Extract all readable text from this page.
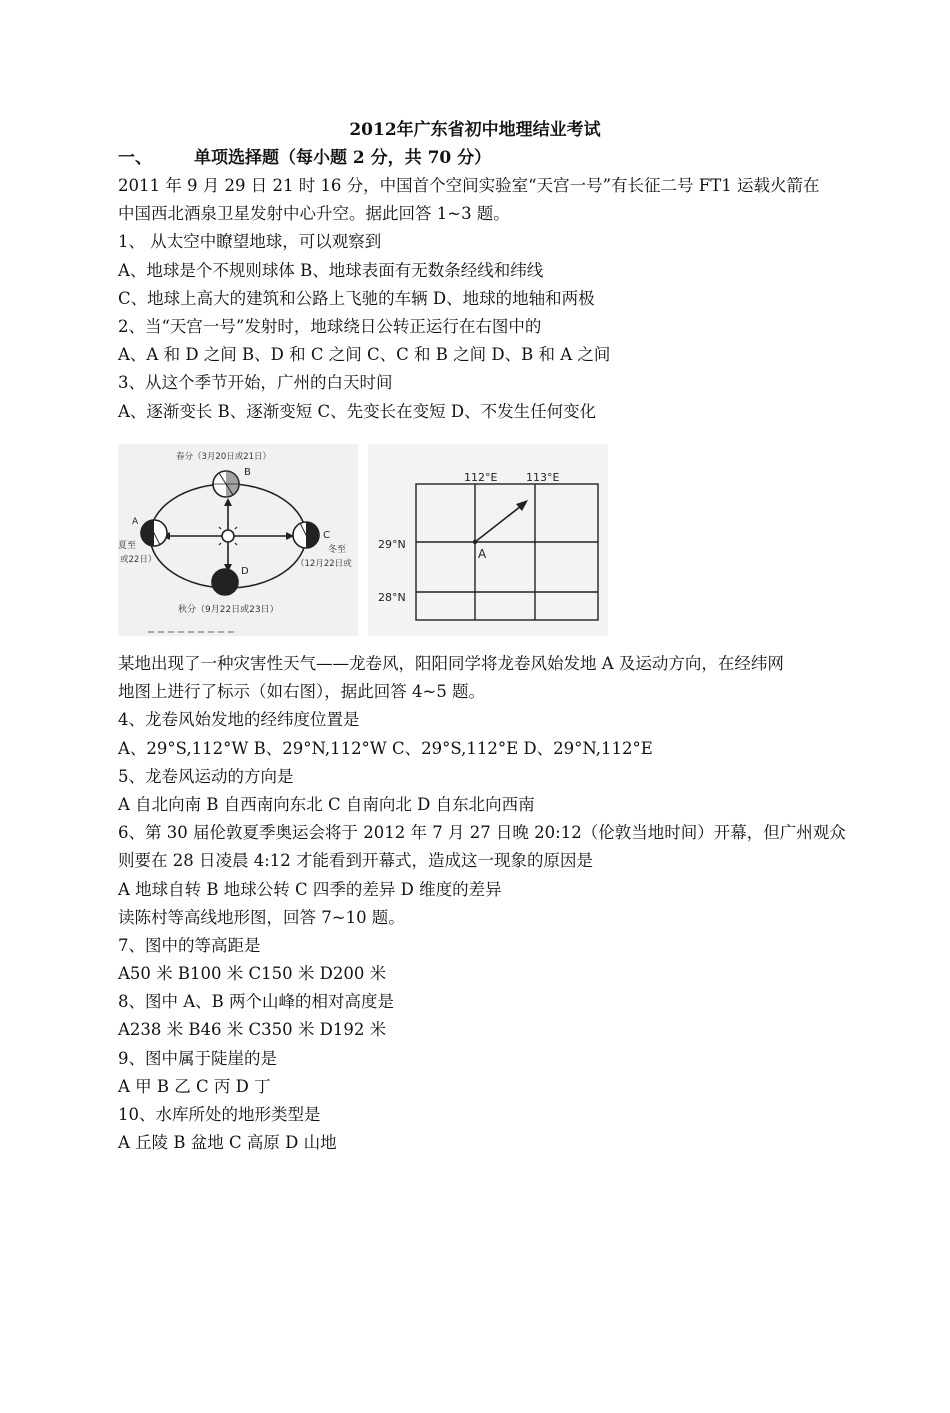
2012年广东省初中地理结业考试
一、 单项选择题（每小题 2 分，共 70 分）
2011 年 9 月 29 日 21 时 16 分，中国首个空间实验室“天宫一号”有长征二号 FT1 运载火箭在
中国西北酒泉卫星发射中心升空。据此回答 1~3 题。
1、 从太空中瞭望地球，可以观察到
A、地球是个不规则球体 B、地球表面有无数条经线和纬线
C、地球上高大的建筑和公路上飞驰的车辆 D、地球的地轴和两极
2、当“天宫一号”发射时，地球绕日公转正运行在右图中的
A、A 和 D 之间 B、D 和 C 之间 C、C 和 B 之间 D、B 和 A 之间
3、从这个季节开始，广州的白天时间
A、逐渐变长 B、逐渐变短 C、先变长在变短 D、不发生任何变化
春分（3月20日或21日）
B
A
夏至
或22日）
C
冬至
（12月22日或
D
秋分（9月22日或23日）
A
112°E	113°E
29°N
28°N
某地出现了一种灾害性天气——龙卷风，阳阳同学将龙卷风始发地 A 及运动方向，在经纬网
地图上进行了标示（如右图），据此回答 4~5 题。
4、龙卷风始发地的经纬度位置是
A、29°S,112°W B、29°N,112°W C、29°S,112°E D、29°N,112°E
5、龙卷风运动的方向是
A 自北向南 B 自西南向东北 C 自南向北 D 自东北向西南
6、第 30 届伦敦夏季奥运会将于 2012 年 7 月 27 日晚 20:12（伦敦当地时间）开幕，但广州观众
则要在 28 日凌晨 4:12 才能看到开幕式，造成这一现象的原因是
A 地球自转 B 地球公转 C 四季的差异 D 维度的差异
读陈村等高线地形图，回答 7~10 题。
7、图中的等高距是
A50 米 B100 米 C150 米 D200 米
8、图中 A、B 两个山峰的相对高度是
A238 米 B46 米 C350 米 D192 米
9、图中属于陡崖的是
A 甲 B 乙 C 丙 D 丁
10、水库所处的地形类型是
A 丘陵 B 盆地 C 高原 D 山地
